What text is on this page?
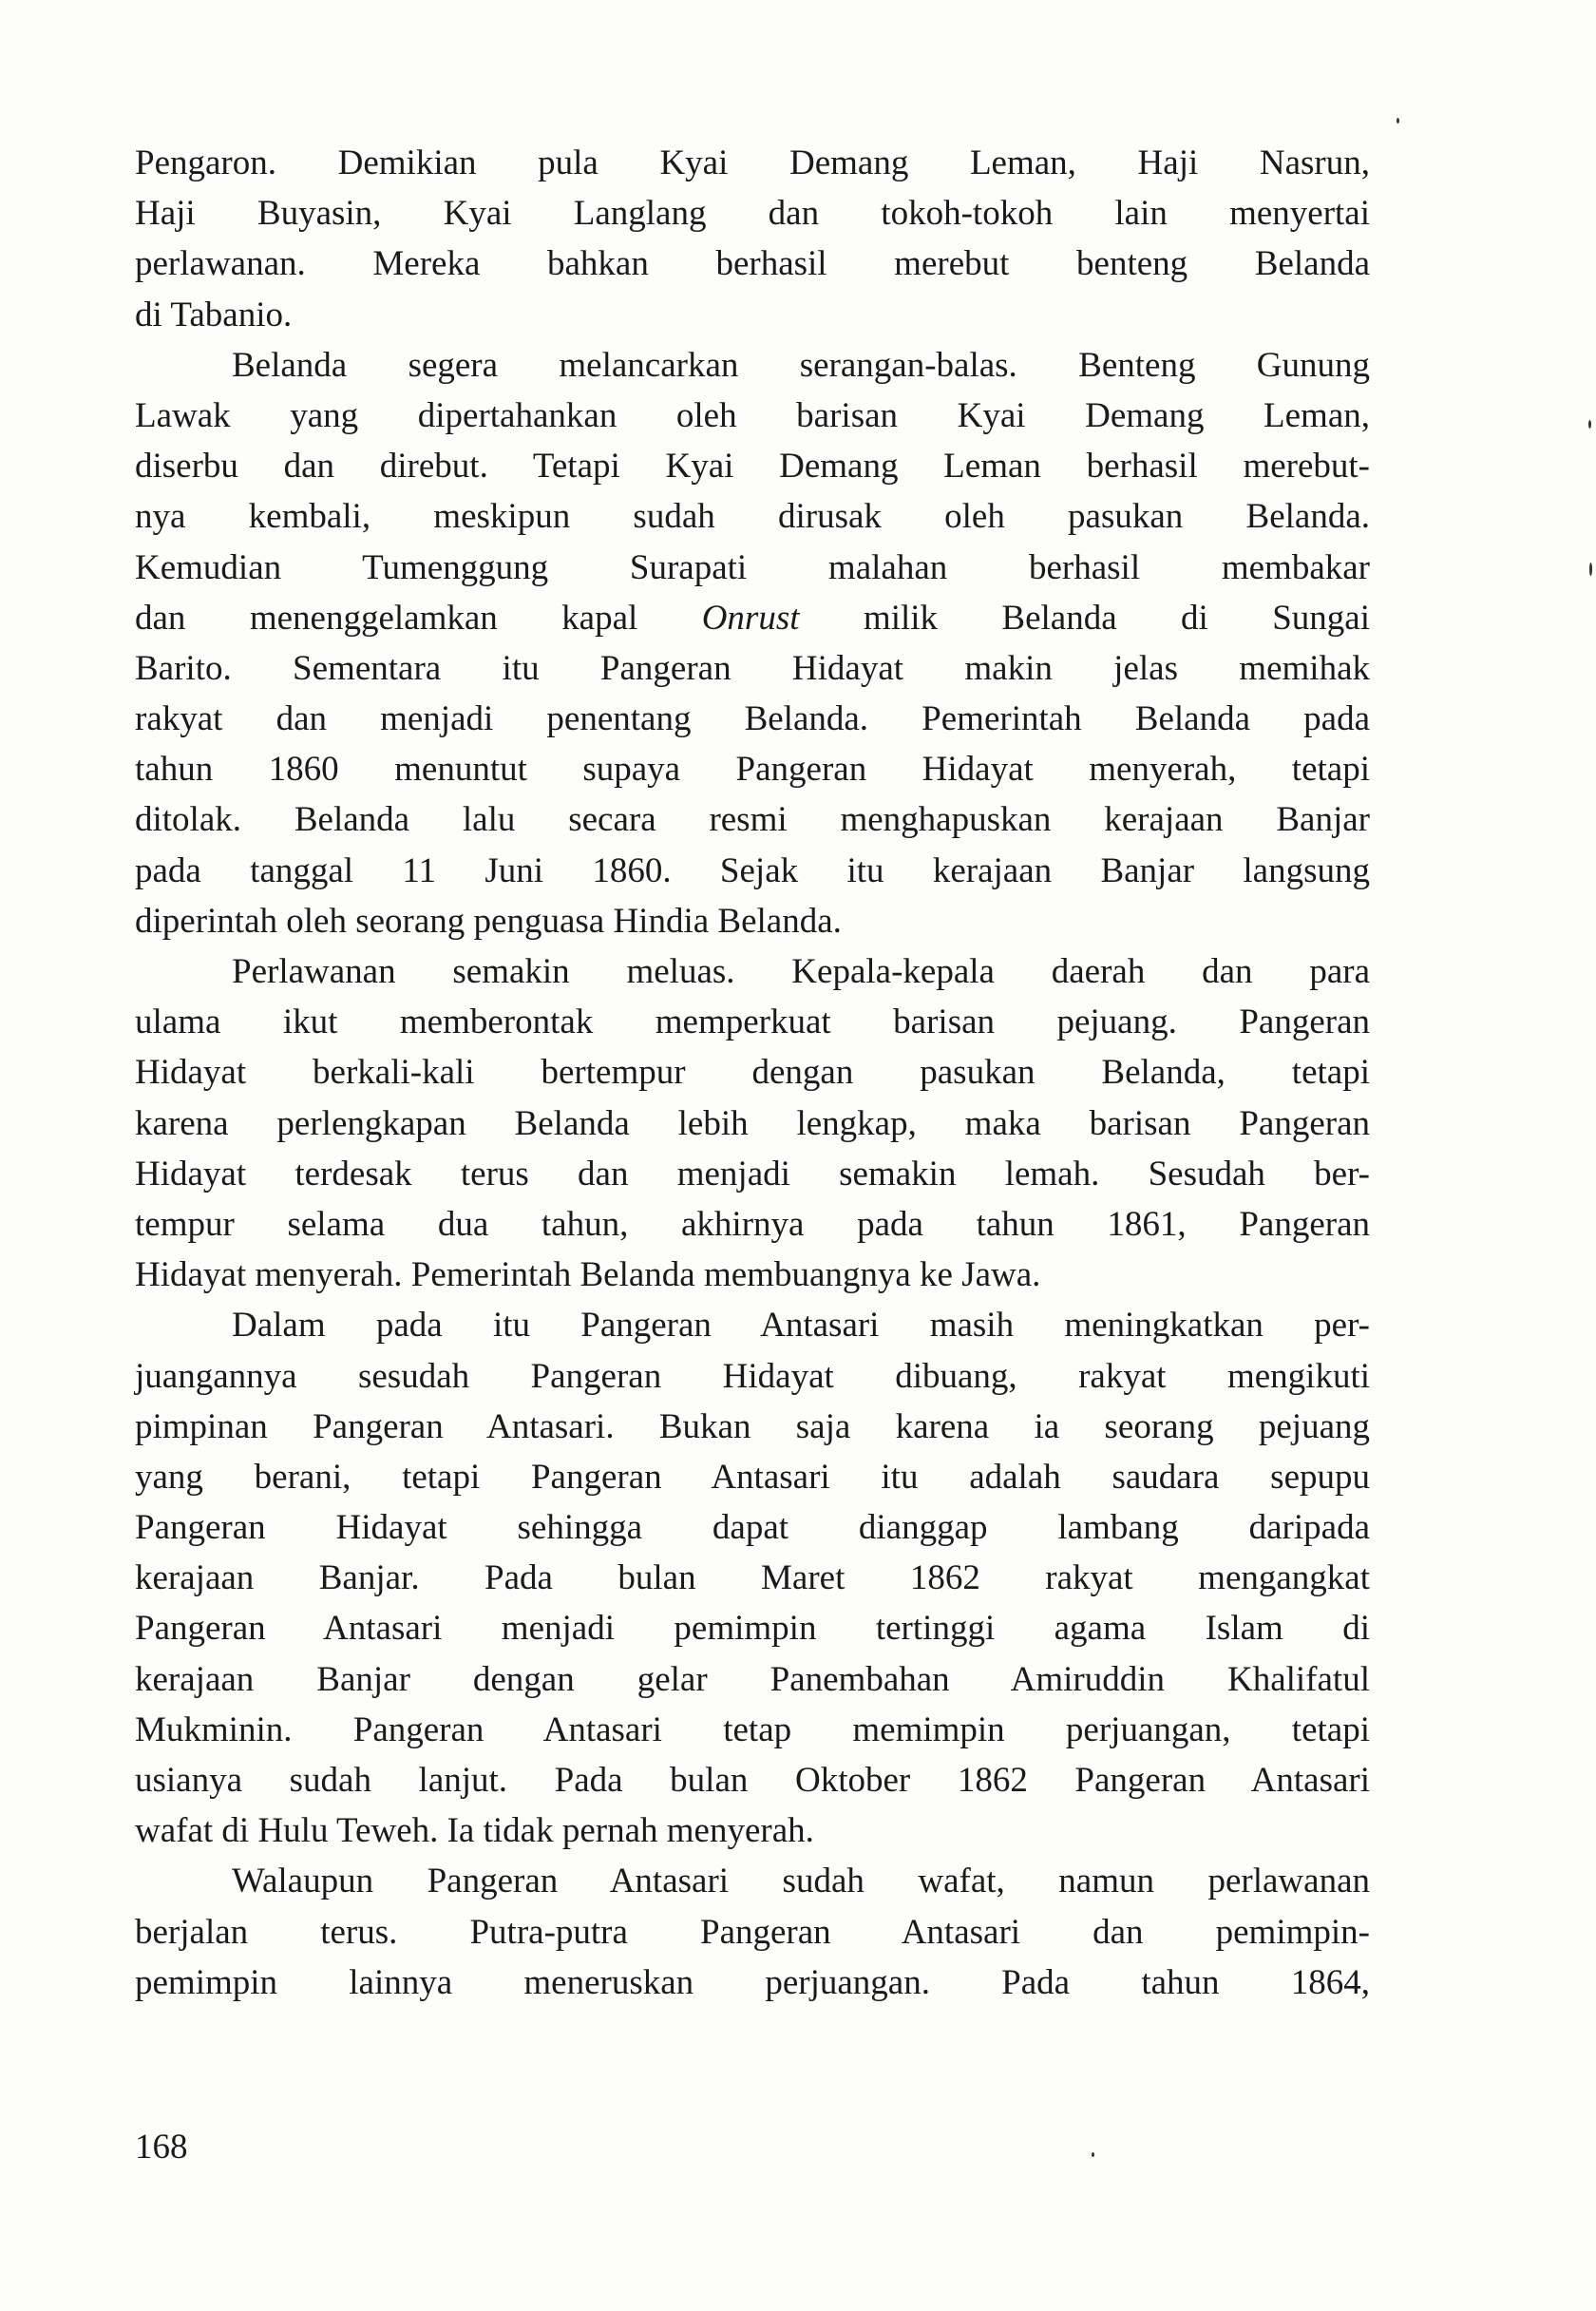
Pengaron. Demikian pula Kyai Demang Leman, Haji Nasrun,
Haji Buyasin, Kyai Langlang dan tokoh-tokoh lain menyertai
perlawanan. Mereka bahkan berhasil merebut benteng Belanda
di Tabanio.
Belanda segera melancarkan serangan-balas. Benteng Gunung
Lawak yang dipertahankan oleh barisan Kyai Demang Leman,
diserbu dan direbut. Tetapi Kyai Demang Leman berhasil merebut-
nya kembali, meskipun sudah dirusak oleh pasukan Belanda.
Kemudian Tumenggung Surapati malahan berhasil membakar
dan menenggelamkan kapal Onrust milik Belanda di Sungai
Barito. Sementara itu Pangeran Hidayat makin jelas memihak
rakyat dan menjadi penentang Belanda. Pemerintah Belanda pada
tahun 1860 menuntut supaya Pangeran Hidayat menyerah, tetapi
ditolak. Belanda lalu secara resmi menghapuskan kerajaan Banjar
pada tanggal 11 Juni 1860. Sejak itu kerajaan Banjar langsung
diperintah oleh seorang penguasa Hindia Belanda.
Perlawanan semakin meluas. Kepala-kepala daerah dan para
ulama ikut memberontak memperkuat barisan pejuang. Pangeran
Hidayat berkali-kali bertempur dengan pasukan Belanda, tetapi
karena perlengkapan Belanda lebih lengkap, maka barisan Pangeran
Hidayat terdesak terus dan menjadi semakin lemah. Sesudah ber-
tempur selama dua tahun, akhirnya pada tahun 1861, Pangeran
Hidayat menyerah. Pemerintah Belanda membuangnya ke Jawa.
Dalam pada itu Pangeran Antasari masih meningkatkan per-
juangannya sesudah Pangeran Hidayat dibuang, rakyat mengikuti
pimpinan Pangeran Antasari. Bukan saja karena ia seorang pejuang
yang berani, tetapi Pangeran Antasari itu adalah saudara sepupu
Pangeran Hidayat sehingga dapat dianggap lambang daripada
kerajaan Banjar. Pada bulan Maret 1862 rakyat mengangkat
Pangeran Antasari menjadi pemimpin tertinggi agama Islam di
kerajaan Banjar dengan gelar Panembahan Amiruddin Khalifatul
Mukminin. Pangeran Antasari tetap memimpin perjuangan, tetapi
usianya sudah lanjut. Pada bulan Oktober 1862 Pangeran Antasari
wafat di Hulu Teweh. Ia tidak pernah menyerah.
Walaupun Pangeran Antasari sudah wafat, namun perlawanan
berjalan terus. Putra-putra Pangeran Antasari dan pemimpin-
pemimpin lainnya meneruskan perjuangan. Pada tahun 1864,
168
